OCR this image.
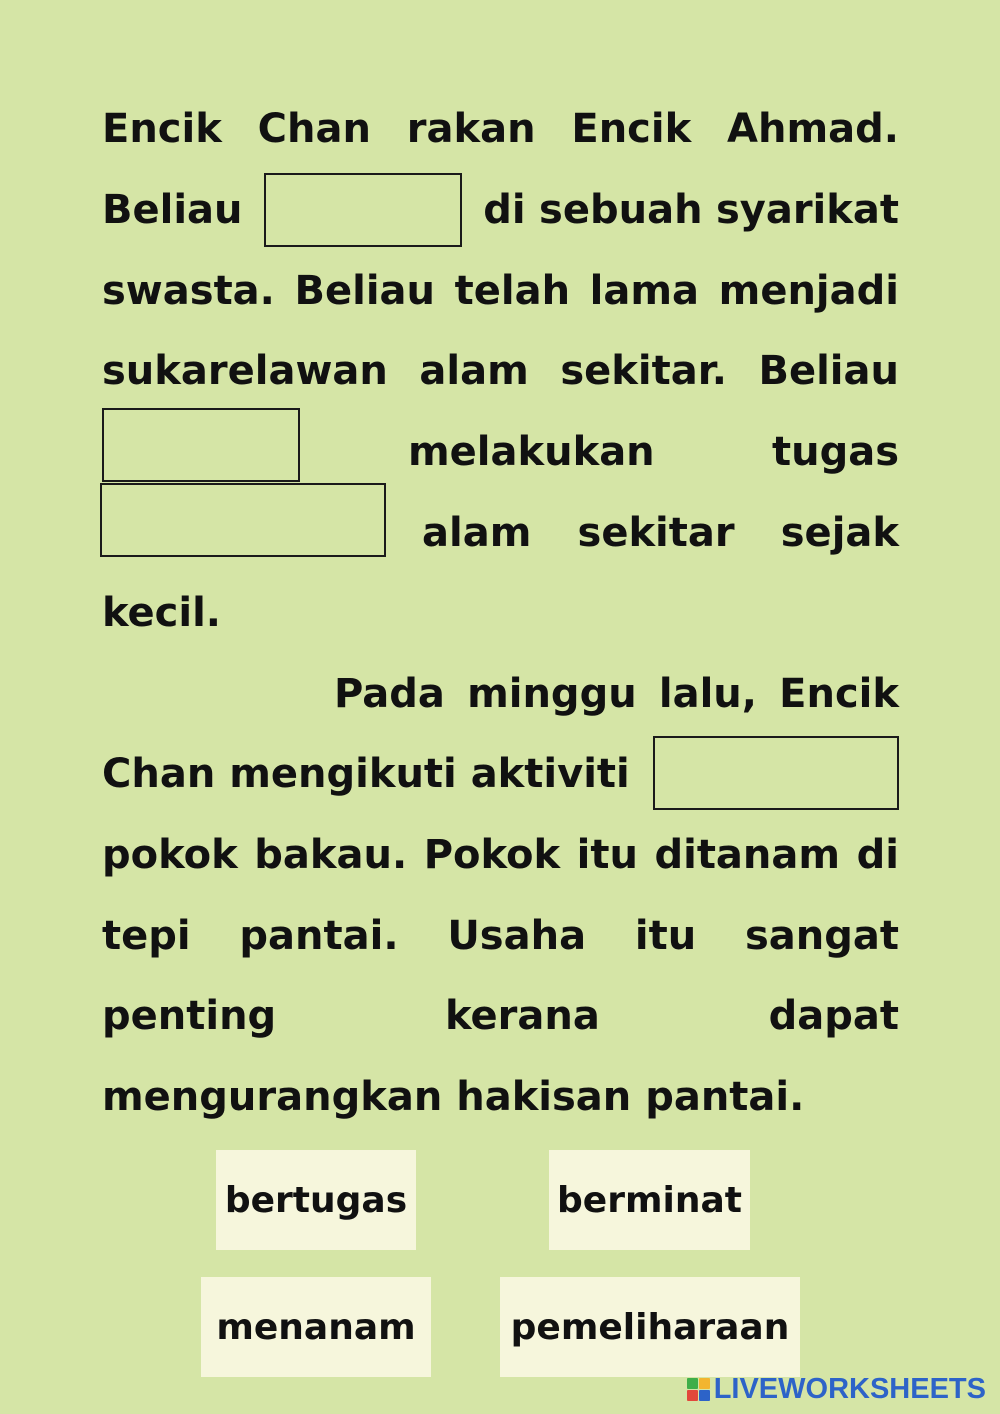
Encik Chan rakan Encik Ahmad.
Beliau	di sebuah syarikat
swasta. Beliau telah lama menjadi
sukarelawan alam sekitar. Beliau
melakukan	tugas
alam sekitar sejak
kecil.
Pada minggu lalu, Encik
Chan mengikuti aktiviti
pokok bakau. Pokok itu ditanam di
tepi pantai. Usaha itu sangat
penting	kerana	dapat
mengurangkan hakisan pantai.
bertugas	berminat
menanam	pemeliharaan
LIVEWORKSHEETS
